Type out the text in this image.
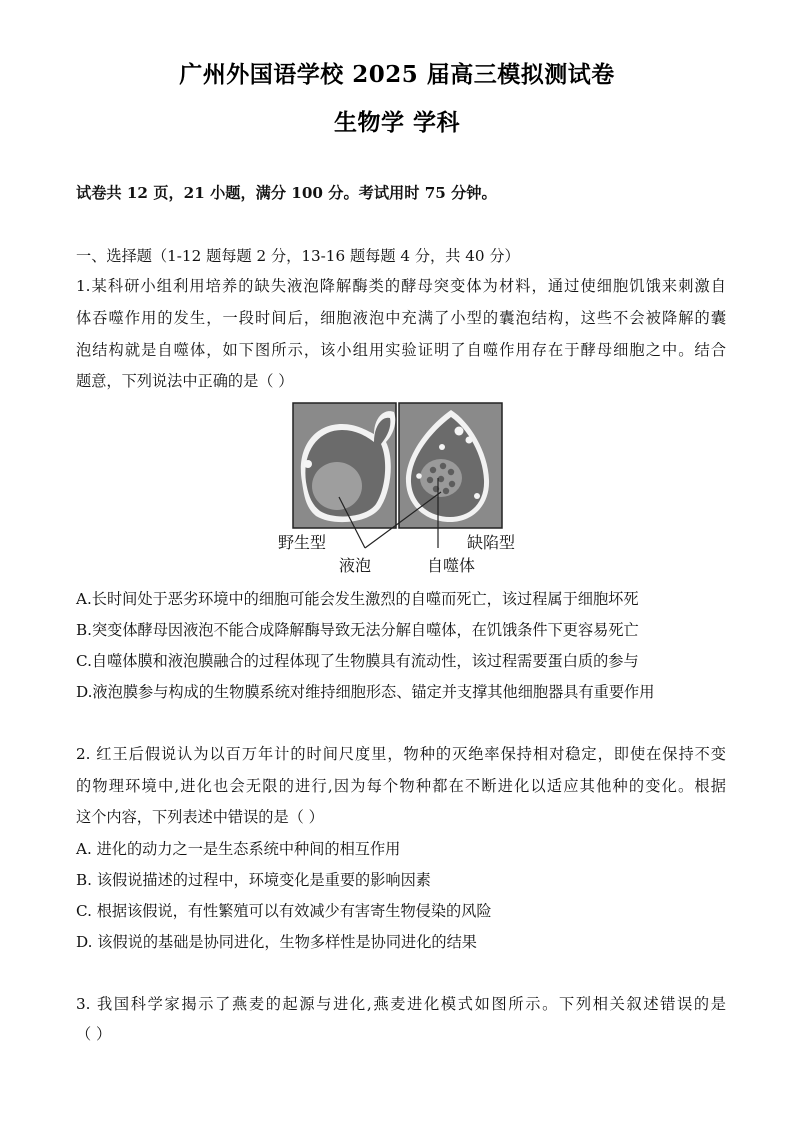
广州外国语学校 2025 届高三模拟测试卷
生物学 学科
试卷共 12 页，21 小题，满分 100 分。考试用时 75 分钟。
一、选择题（1-12 题每题 2 分，13-16 题每题 4 分，共 40 分）
1.某科研小组利用培养的缺失液泡降解酶类的酵母突变体为材料，通过使细胞饥饿来刺激自
体吞噬作用的发生，一段时间后，细胞液泡中充满了小型的囊泡结构，这些不会被降解的囊
泡结构就是自噬体，如下图所示，该小组用实验证明了自噬作用存在于酵母细胞之中。结合
题意，下列说法中正确的是（ ）
野生型	缺陷型
液泡	自噬体
A.长时间处于恶劣环境中的细胞可能会发生激烈的自噬而死亡，该过程属于细胞坏死
B.突变体酵母因液泡不能合成降解酶导致无法分解自噬体，在饥饿条件下更容易死亡
C.自噬体膜和液泡膜融合的过程体现了生物膜具有流动性，该过程需要蛋白质的参与
D.液泡膜参与构成的生物膜系统对维持细胞形态、锚定并支撑其他细胞器具有重要作用
2. 红王后假说认为以百万年计的时间尺度里，物种的灭绝率保持相对稳定，即使在保持不变
的物理环境中,进化也会无限的进行,因为每个物种都在不断进化以适应其他种的变化。根据
这个内容，下列表述中错误的是（ ）
A. 进化的动力之一是生态系统中种间的相互作用
B. 该假说描述的过程中，环境变化是重要的影响因素
C. 根据该假说，有性繁殖可以有效减少有害寄生物侵染的风险
D. 该假说的基础是协同进化，生物多样性是协同进化的结果
3. 我国科学家揭示了燕麦的起源与进化,燕麦进化模式如图所示。下列相关叙述错误的是
（ ）
